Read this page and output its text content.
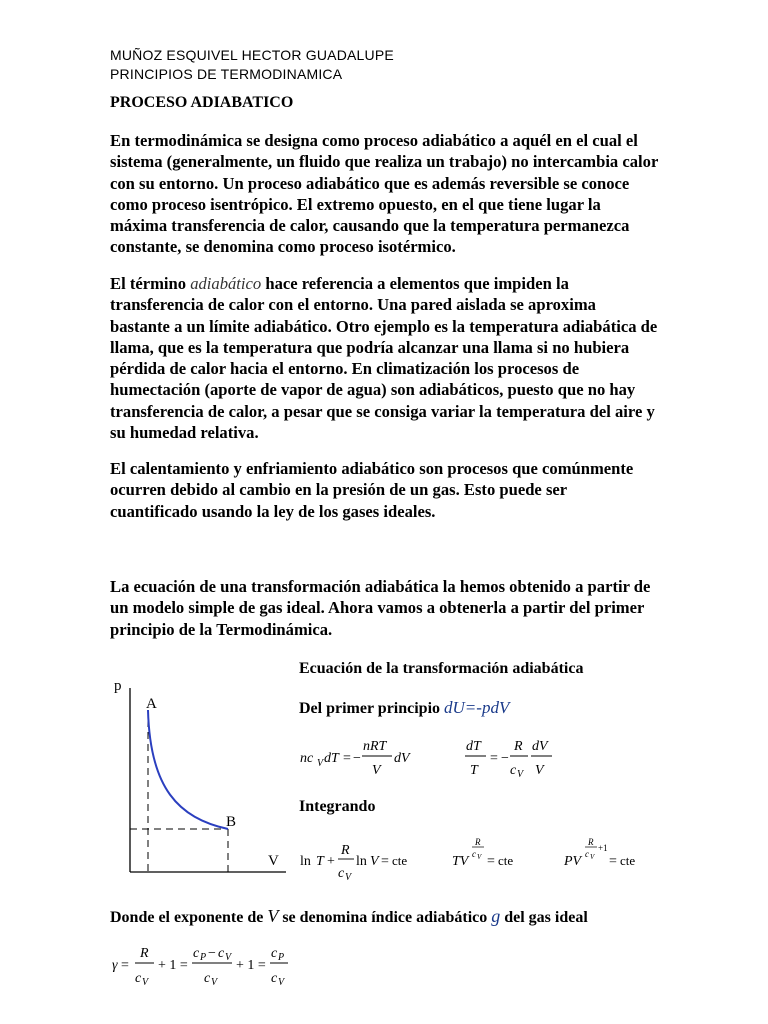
MUÑOZ ESQUIVEL HECTOR GUADALUPE
PRINCIPIOS DE TERMODINAMICA
PROCESO ADIABATICO

En termodinámica se designa como proceso adiabático a aquél en el cual el sistema (generalmente, un fluido que realiza un trabajo) no intercambia calor con su entorno. Un proceso adiabático que es además reversible se conoce como proceso isentrópico. El extremo opuesto, en el que tiene lugar la máxima transferencia de calor, causando que la temperatura permanezca constante, se denomina como proceso isotérmico.

El término adiabático hace referencia a elementos que impiden la transferencia de calor con el entorno. Una pared aislada se aproxima bastante a un límite adiabático. Otro ejemplo es la temperatura adiabática de llama, que es la temperatura que podría alcanzar una llama si no hubiera pérdida de calor hacia el entorno. En climatización los procesos de humectación (aporte de vapor de agua) son adiabáticos, puesto que no hay transferencia de calor, a pesar que se consiga variar la temperatura del aire y su humedad relativa.

El calentamiento y enfriamiento adiabático son procesos que comúnmente ocurren debido al cambio en la presión de un gas. Esto puede ser cuantificado usando la ley de los gases ideales.

La ecuación de una transformación adiabática la hemos obtenido a partir de un modelo simple de gas ideal. Ahora vamos a obtenerla a partir del primer principio de la Termodinámica.

p
A
B
V
Ecuación de la transformación adiabática
Del primer principio dU=-pdV
nc V dT = −
nRT
V
dV
dT
T
= −
R
c V
dV
V
Integrando
ln T +
R
c V
ln V = cte	TV
R
c V = cte	PV
R
c V
+1
= cte
Donde el exponente de V se denomina índice adiabático g del gas ideal
γ =
R
c V
+ 1 =
c P − c V
c V
+ 1 =
c P
c V
